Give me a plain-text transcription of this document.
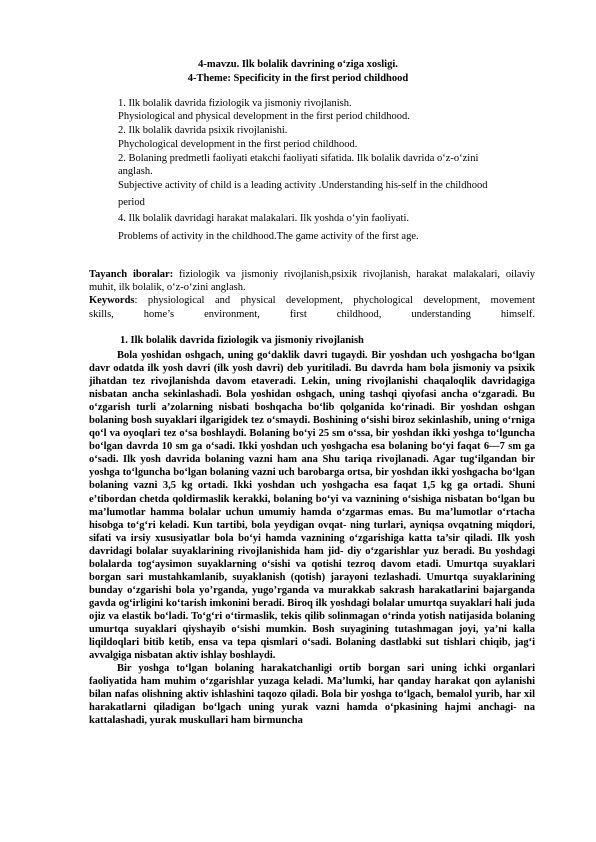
4-mavzu. Ilk bolalik davrining o‘ziga xosligi.
4-Theme: Specificity in the first period childhood
1. Ilk bolalik davrida fiziologik va jismoniy rivojlanish.
Physiological and physical development in the first period childhood.
2. Ilk bolalik davrida psixik rivojlanishi.
Phychological development in the first period childhood.
2. Bolaning predmetli faoliyati etakchi faoliyati sifatida. Ilk bolalik davrida o‘z-o‘zini
anglash.
Subjective activity of child is a leading activity .Understanding his-self in the childhood
period
4. Ilk bolalik davridagi harakat malakalari. Ilk yoshda o‘yin faoliyati.
Problems of activity in the childhood.The game activity of the first age.

Tayanch iboralar: fiziologik va jismoniy rivojlanish,psixik rivojlanish, harakat malakalari, oilaviy muhit, ilk bolalik, o‘z-o‘zini anglash.

Keywords: physiological and physical development, phychological development, movement

skills, home’s environment, first childhood, understanding himself.

1. Ilk bolalik davrida fiziologik va jismoniy rivojlanish

Bola yoshidan oshgach, uning go‘daklik davri tugaydi. Bir yoshdan uch yoshgacha bo‘lgan davr odatda ilk yosh davri (ilk yosh davri) deb yuritiladi. Bu davrda ham bola jismoniy va psixik jihatdan tez rivojlanishda davom etaveradi. Lekin, uning rivojlanishi chaqaloqlik davridagiga nisbatan ancha sekinlashadi. Bola yoshidan oshgach, uning tashqi qiyofasi ancha o‘zgaradi. Bu o‘zgarish turli a’zolarning nisbati boshqacha bo‘lib qolganida ko‘rinadi. Bir yoshdan oshgan bolaning bosh suyaklari ilgarigidek tez o‘smaydi. Boshining o‘sishi biroz sekinlashib, uning o‘rniga qo‘l va oyoqlari tez o‘sa boshlaydi. Bolaning bo‘yi 25 sm o‘ssa, bir yoshdan ikki yoshga to‘lguncha bo‘lgan davrda 10 sm ga o‘sadi. Ikki yoshdan uch yoshgacha esa bolaning bo‘yi faqat 6—7 sm ga o‘sadi. Ilk yosh davrida bolaning vazni ham ana Shu tariqa rivojlanadi. Agar tug‘ilgandan bir yoshga to‘lguncha bo‘lgan bolaning vazni uch barobarga ortsa, bir yoshdan ikki yoshgacha bo‘lgan bolaning vazni 3,5 kg ortadi. Ikki yoshdan uch yoshgacha esa faqat 1,5 kg ga ortadi. Shuni e’tibordan chetda qoldirmaslik kerakki, bolaning bo‘yi va vaznining o‘sishiga nisbatan bo‘lgan bu ma’lumotlar hamma bolalar uchun umumiy hamda o‘zgarmas emas. Bu ma’lumotlar o‘rtacha hisobga to‘g‘ri keladi. Kun tartibi, bola yeydigan ovqat- ning turlari, ayniqsa ovqatning miqdori, sifati va irsiy xususiyatlar bola bo‘yi hamda vaznining o‘zgarishiga katta ta’sir qiladi. Ilk yosh davridagi bolalar suyaklarining rivojlanishida ham jid- diy o‘zgarishlar yuz beradi. Bu yoshdagi bolalarda tog‘aysimon suyaklarning o‘sishi va qotishi tezroq davom etadi. Umurtqa suyaklari borgan sari mustahkamlanib, suyaklanish (qotish) jarayoni tezlashadi. Umurtqa suyaklarining bunday o‘zgarishi bola yo’rganda, yugo’rganda va murakkab sakrash harakatlarini bajarganda gavda og‘irligini ko‘tarish imkonini beradi. Biroq ilk yoshdagi bolalar umurtqa suyaklari hali juda ojiz va elastik bo‘ladi. To‘g‘ri o‘tirmaslik, tekis qilib solinmagan o‘rinda yotish natijasida bolaning umurtqa suyaklari qiyshayib o‘sishi mumkin. Bosh suyagining tutashmagan joyi, ya’ni kalla liqildoqlari bitib ketib, ensa va tepa qismlari o‘sadi. Bolaning dastlabki sut tishlari chiqib, jag‘i avvalgiga nisbatan aktiv ishlay boshlaydi.

Bir yoshga to‘lgan bolaning harakatchanligi ortib borgan sari uning ichki organlari faoliyatida ham muhim o‘zgarishlar yuzaga keladi. Ma’lumki, har qanday harakat qon aylanishi bilan nafas olishning aktiv ishlashini taqozo qiladi. Bola bir yoshga to‘lgach, bemalol yurib, har xil harakatlarni qiladigan bo‘lgach uning yurak vazni hamda o‘pkasining hajmi anchagi- na kattalashadi, yurak muskullari ham birmuncha
